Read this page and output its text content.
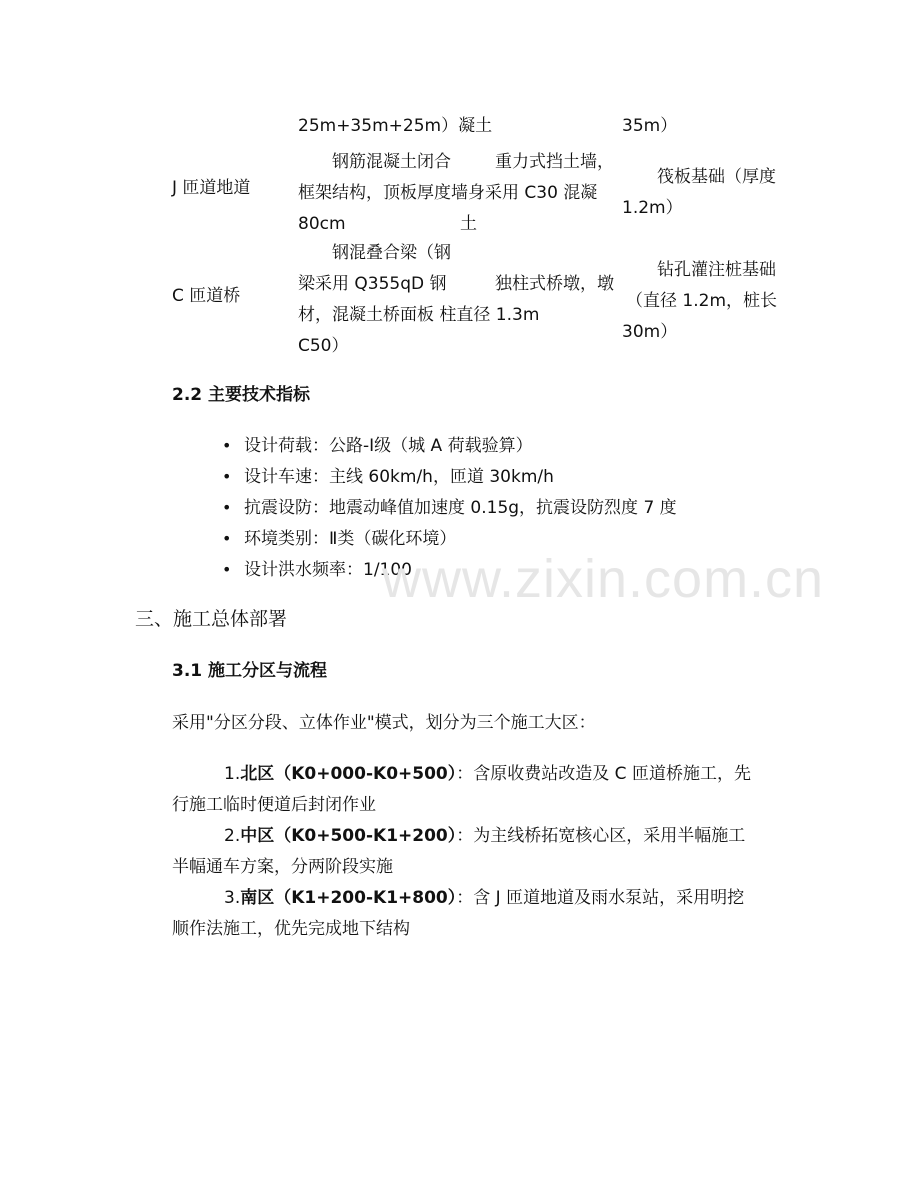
25m+35m+25m）凝土	35m）
J 匝道地道
钢筋混凝土闭合
框架结构，顶板厚度墙身采用 C30 混凝
80cm
重力式挡土墙，
土
筏板基础（厚度
1.2m）
C 匝道桥
钢混叠合梁（钢
梁采用 Q355qD 钢
材，混凝土桥面板 柱直径 1.3m
C50）
独柱式桥墩，墩
钻孔灌注桩基础
（直径 1.2m，桩长
30m）
2.2 主要技术指标
• 设计荷载：公路-Ⅰ级（城 A 荷载验算）
• 设计车速：主线 60km/h，匝道 30km/h
• 抗震设防：地震动峰值加速度 0.15g，抗震设防烈度 7 度
• 环境类别：Ⅱ类（碳化环境）
• 设计洪水频率：1/100
www.zixin.com.cn
三、施工总体部署
3.1 施工分区与流程
采用"分区分段、立体作业"模式，划分为三个施工大区：
1.北区（K0+000-K0+500）：含原收费站改造及 C 匝道桥施工，先
行施工临时便道后封闭作业
2.中区（K0+500-K1+200）：为主线桥拓宽核心区，采用半幅施工
半幅通车方案，分两阶段实施
3.南区（K1+200-K1+800）：含 J 匝道地道及雨水泵站，采用明挖
顺作法施工，优先完成地下结构
